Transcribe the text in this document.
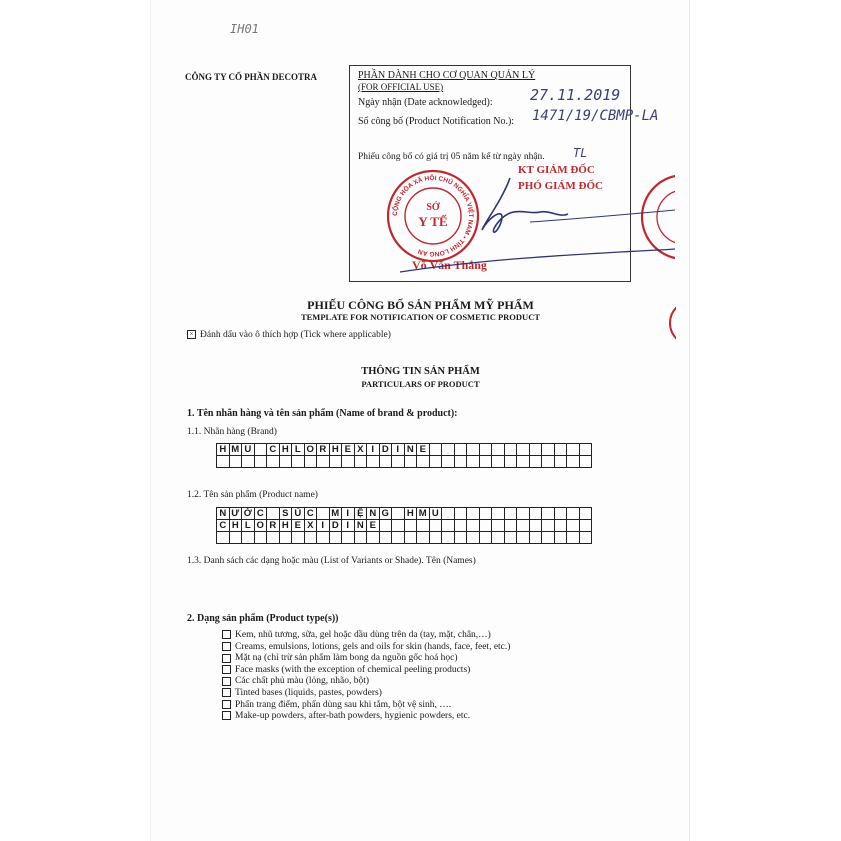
IH01
CÔNG TY CỔ PHẦN DECOTRA	PHẦN DÀNH CHO CƠ QUAN QUẢN LÝ
(FOR OFFICIAL USE)
Ngày nhận (Date acknowledged):
Số công bố (Product Notification No.):
Phiếu công bố có giá trị 05 năm kể từ ngày nhận.
27.11.2019
1471/19/CBMP-LA
TL
KT GIÁM ĐỐC
PHÓ GIÁM ĐỐC
Võ Văn Thắng
CỘNG HÒA XÃ HỘI CHỦ NGHĨA VIỆT NAM • TỈNH LONG AN
SỞ
Y TẾ
PHIẾU CÔNG BỐ SẢN PHẨM MỸ PHẨM
TEMPLATE FOR NOTIFICATION OF COSMETIC PRODUCT
× Đánh dấu vào ô thích hợp (Tick where applicable)
THÔNG TIN SẢN PHẨM
PARTICULARS OF PRODUCT
1. Tên nhãn hàng và tên sản phẩm (Name of brand & product):
1.1. Nhãn hàng (Brand)
H	M	U		C	H	L	O	R	H	E	X	I	D	I	N	E													

1.2. Tên sản phẩm (Product name)
N	Ư	Ớ	C		S	Ú	C		M	I	Ệ	N	G		H	M	U												
C	H	L	O	R	H	E	X	I	D	I	N	E																	

1.3. Danh sách các dạng hoặc màu (List of Variants or Shade). Tên (Names)
2. Dạng sản phẩm (Product type(s))
Kem, nhũ tương, sữa, gel hoặc dầu dùng trên da (tay, mặt, chân,…)
Creams, emulsions, lotions, gels and oils for skin (hands, face, feet, etc.)
Mặt nạ (chỉ trừ sản phẩm làm bong da nguồn gốc hoá học)
Face masks (with the exception of chemical peeling products)
Các chất phủ màu (lỏng, nhão, bột)
Tinted bases (liquids, pastes, powders)
Phấn trang điểm, phấn dùng sau khi tắm, bột vệ sinh, ….
Make-up powders, after-bath powders, hygienic powders, etc.
